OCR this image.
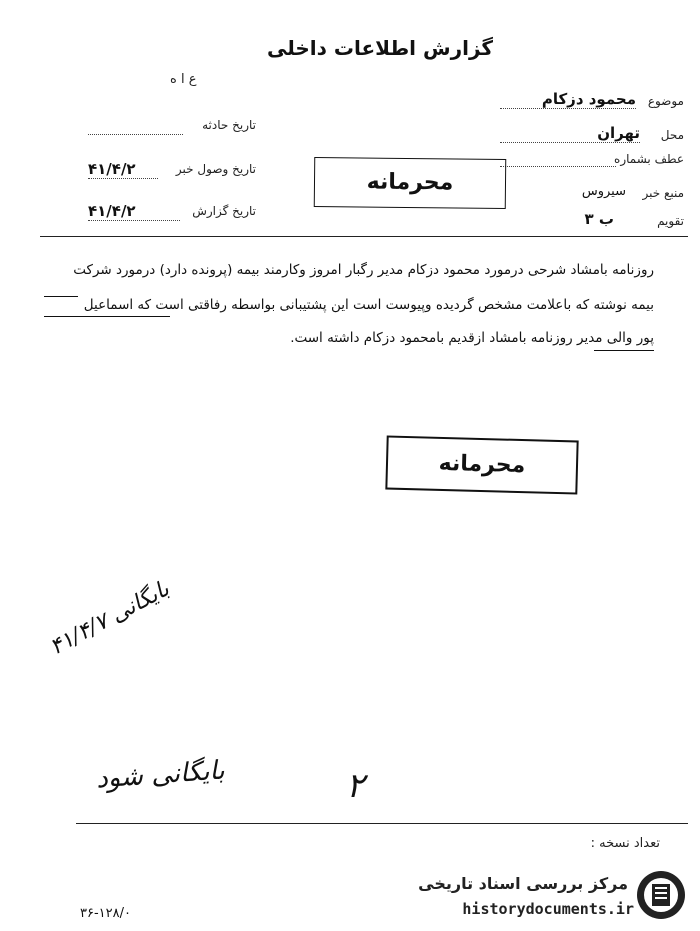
گزارش اطلاعات داخلی
ع ا ه
تاریخ حادثه
تاریخ وصول خبر
۴۱/۴/۲
تاریخ گزارش
۴۱/۴/۲
موضوع
محمود دزکام
محل
تهران
عطف بشماره
منبع خبر
سیروس
تقویم
ب ۳
محرمانه
روزنامه بامشاد شرحی درمورد محمود دزکام مدیر رگبار امروز وکارمند بیمه (پرونده دارد) درمورد شرکت
بیمه نوشته که باعلامت مشخص گردیده وپیوست است این پشتیبانی بواسطه رفاقتی است که اسماعیل
پور والی مدیر روزنامه بامشاد ازقدیم بامحمود دزکام داشته است.
محرمانه
بایگانی ۴۱/۴/۷
بایگانی شود	۲
تعداد نسخه :
۳۶-۱۲۸/۰
مرکز بررسی اسناد تاریخی
historydocuments.ir
